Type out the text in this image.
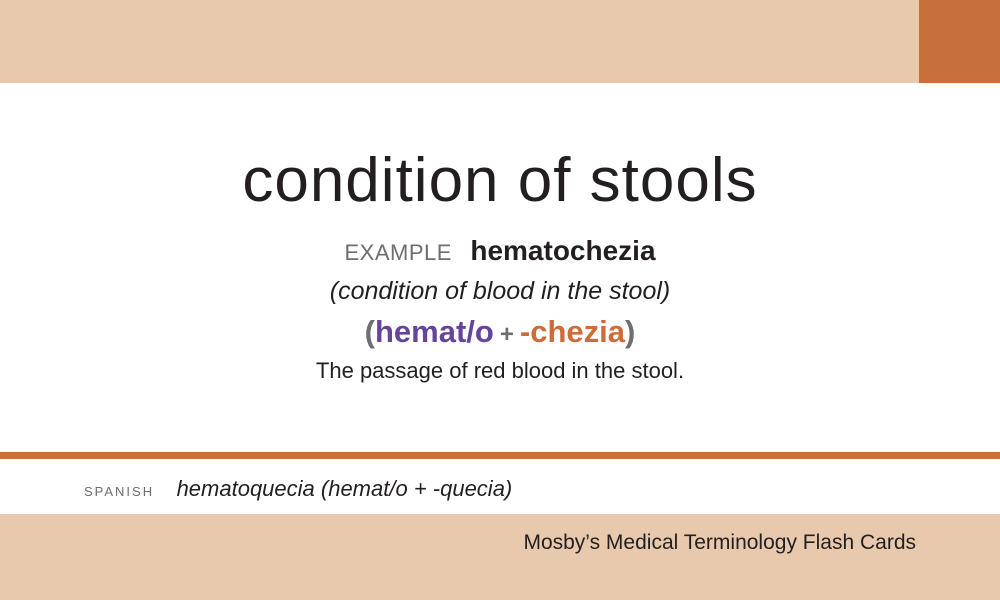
condition of stools
EXAMPLE hematochezia
(condition of blood in the stool)
(hemat/o + -chezia)
The passage of red blood in the stool.
SPANISH hematoquecia (hemat/o + -quecia)
Mosby’s Medical Terminology Flash Cards
